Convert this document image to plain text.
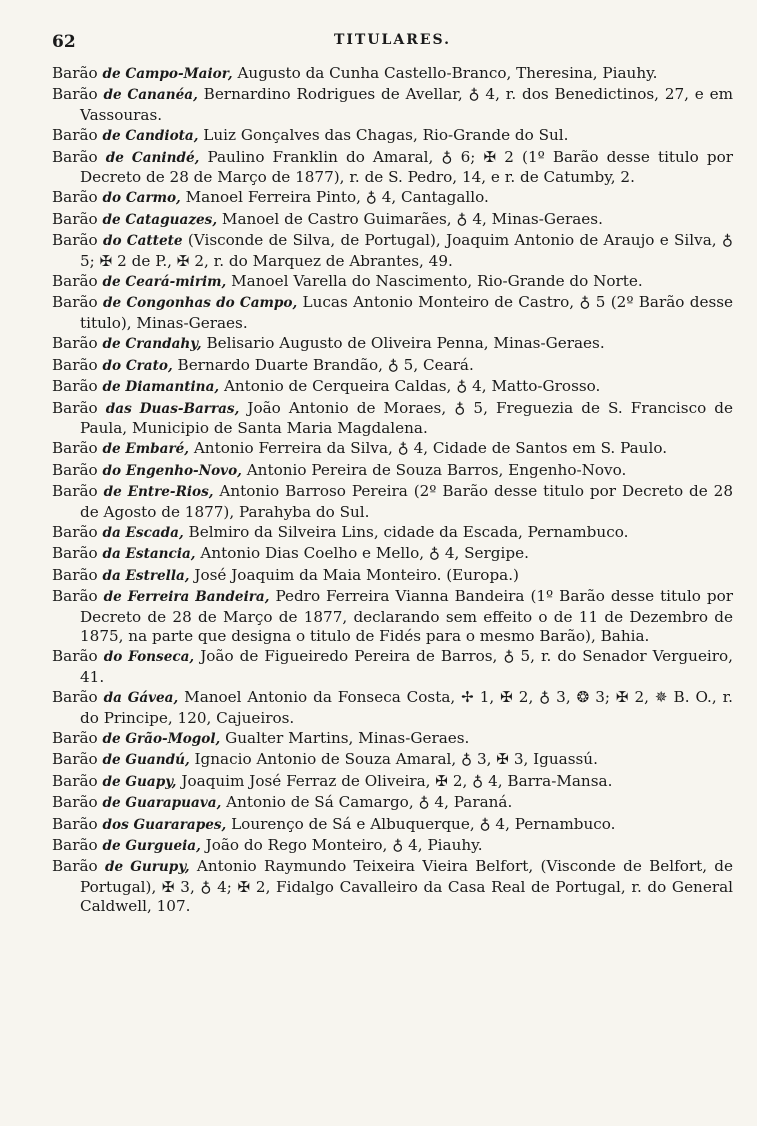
62	TITULARES.

Barão de Campo-Maior, Augusto da Cunha Castello-Branco, Theresina, Piauhy.

Barão de Cananéa, Bernardino Rodrigues de Avellar, ♁ 4, r. dos Benedictinos, 27, e em Vassouras.

Barão de Candiota, Luiz Gonçalves das Chagas, Rio-Grande do Sul.

Barão de Canindé, Paulino Franklin do Amaral, ♁ 6; ✠ 2 (1º Barão desse titulo por Decreto de 28 de Março de 1877), r. de S. Pedro, 14, e r. de Catumby, 2.

Barão do Carmo, Manoel Ferreira Pinto, ♁ 4, Cantagallo.

Barão de Cataguazes, Manoel de Castro Guimarães, ♁ 4, Minas-Geraes.

Barão do Cattete (Visconde de Silva, de Portugal), Joaquim Antonio de Araujo e Silva, ♁ 5; ✠ 2 de P., ✠ 2, r. do Marquez de Abrantes, 49.

Barão de Ceará-mirim, Manoel Varella do Nascimento, Rio-Grande do Norte.

Barão de Congonhas do Campo, Lucas Antonio Monteiro de Castro, ♁ 5 (2º Barão desse titulo), Minas-Geraes.

Barão de Crandahy, Belisario Augusto de Oliveira Penna, Minas-Geraes.

Barão do Crato, Bernardo Duarte Brandão, ♁ 5, Ceará.

Barão de Diamantina, Antonio de Cerqueira Caldas, ♁ 4, Matto-Grosso.

Barão das Duas-Barras, João Antonio de Moraes, ♁ 5, Freguezia de S. Francisco de Paula, Municipio de Santa Maria Magdalena.

Barão de Embaré, Antonio Ferreira da Silva, ♁ 4, Cidade de Santos em S. Paulo.

Barão do Engenho-Novo, Antonio Pereira de Souza Barros, Engenho-Novo.

Barão de Entre-Rios, Antonio Barroso Pereira (2º Barão desse titulo por Decreto de 28 de Agosto de 1877), Parahyba do Sul.

Barão da Escada, Belmiro da Silveira Lins, cidade da Escada, Pernambuco.

Barão da Estancia, Antonio Dias Coelho e Mello, ♁ 4, Sergipe.

Barão da Estrella, José Joaquim da Maia Monteiro. (Europa.)

Barão de Ferreira Bandeira, Pedro Ferreira Vianna Bandeira (1º Barão desse titulo por Decreto de 28 de Março de 1877, declarando sem effeito o de 11 de Dezembro de 1875, na parte que designa o titulo de Fidés para o mesmo Barão), Bahia.

Barão do Fonseca, João de Figueiredo Pereira de Barros, ♁ 5, r. do Senador Vergueiro, 41.

Barão da Gávea, Manoel Antonio da Fonseca Costa, ✢ 1, ✠ 2, ♁ 3, ❂ 3; ✠ 2, ✵ B. O., r. do Principe, 120, Cajueiros.

Barão de Grão-Mogol, Gualter Martins, Minas-Geraes.

Barão de Guandú, Ignacio Antonio de Souza Amaral, ♁ 3, ✠ 3, Iguassú.

Barão de Guapy, Joaquim José Ferraz de Oliveira, ✠ 2, ♁ 4, Barra-Mansa.

Barão de Guarapuava, Antonio de Sá Camargo, ♁ 4, Paraná.

Barão dos Guararapes, Lourenço de Sá e Albuquerque, ♁ 4, Pernambuco.

Barão de Gurgueia, João do Rego Monteiro, ♁ 4, Piauhy.

Barão de Gurupy, Antonio Raymundo Teixeira Vieira Belfort, (Visconde de Belfort, de Portugal), ✠ 3, ♁ 4; ✠ 2, Fidalgo Cavalleiro da Casa Real de Portugal, r. do General Caldwell, 107.
